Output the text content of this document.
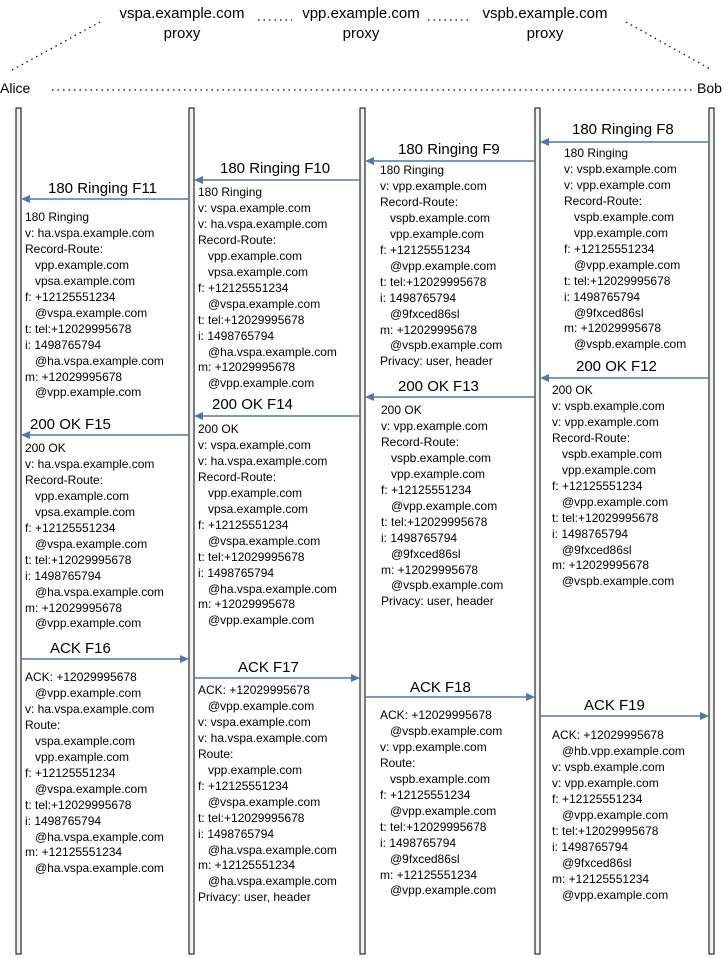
vspa.example.com
proxy
vpp.example.com
proxy
vspb.example.com
proxy
Alice	Bob
180 Ringing F8
180 Ringing
v: vspb.example.com
v: vpp.example.com
Record-Route:
vspb.example.com
vpp.example.com
f: +12125551234
@vpp.example.com
t: tel:+12029995678
i: 1498765794
@9fxced86sl
m: +12029995678
@vspb.example.com
180 Ringing F9
180 Ringing
v: vpp.example.com
Record-Route:
vspb.example.com
vpp.example.com
f: +12125551234
@vpp.example.com
t: tel:+12029995678
i: 1498765794
@9fxced86sl
m: +12029995678
@vspb.example.com
Privacy: user, header
180 Ringing F10
180 Ringing
v: vspa.example.com
v: ha.vspa.example.com
Record-Route:
vpp.example.com
vpsa.example.com
f: +12125551234
@vspa.example.com
t: tel:+12029995678
i: 1498765794
@ha.vspa.example.com
m: +12029995678
@vpp.example.com
180 Ringing F11
180 Ringing
v: ha.vspa.example.com
Record-Route:
vpp.example.com
vpsa.example.com
f: +12125551234
@vspa.example.com
t: tel:+12029995678
i: 1498765794
@ha.vspa.example.com
m: +12029995678
@vpp.example.com
200 OK F12
200 OK
v: vspb.example.com
v: vpp.example.com
Record-Route:
vspb.example.com
vpp.example.com
f: +12125551234
@vpp.example.com
t: tel:+12029995678
i: 1498765794
@9fxced86sl
m: +12029995678
@vspb.example.com
200 OK F13
200 OK
v: vpp.example.com
Record-Route:
vspb.example.com
vpp.example.com
f: +12125551234
@vpp.example.com
t: tel:+12029995678
i: 1498765794
@9fxced86sl
m: +12029995678
@vspb.example.com
Privacy: user, header
200 OK F14
200 OK
v: vspa.example.com
v: ha.vspa.example.com
Record-Route:
vpp.example.com
vpsa.example.com
f: +12125551234
@vspa.example.com
t: tel:+12029995678
i: 1498765794
@ha.vspa.example.com
m: +12029995678
@vpp.example.com
200 OK F15
200 OK
v: ha.vspa.example.com
Record-Route:
vpp.example.com
vpsa.example.com
f: +12125551234
@vspa.example.com
t: tel:+12029995678
i: 1498765794
@ha.vspa.example.com
m: +12029995678
@vpp.example.com
ACK F16
ACK: +12029995678
@vpp.example.com
v: ha.vspa.example.com
Route:
vspa.example.com
vpp.example.com
f: +12125551234
@vspa.example.com
t: tel:+12029995678
i: 1498765794
@ha.vspa.example.com
m: +12125551234
@ha.vspa.example.com
ACK F17
ACK: +12029995678
@vpp.example.com
v: vspa.example.com
v: ha.vspa.example.com
Route:
vpp.example.com
f: +12125551234
@vspa.example.com
t: tel:+12029995678
i: 1498765794
@ha.vspa.example.com
m: +12125551234
@ha.vspa.example.com
Privacy: user, header
ACK F18
ACK: +12029995678
@vspb.example.com
v: vpp.example.com
Route:
vspb.example.com
f: +12125551234
@vpp.example.com
t: tel:+12029995678
i: 1498765794
@9fxced86sl
m: +12125551234
@vpp.example.com
ACK F19
ACK: +12029995678
@hb.vpp.example.com
v: vspb.example.com
v: vpp.example.com
f: +12125551234
@vpp.example.com
t: tel:+12029995678
i: 1498765794
@9fxced86sl
m: +12125551234
@vpp.example.com
